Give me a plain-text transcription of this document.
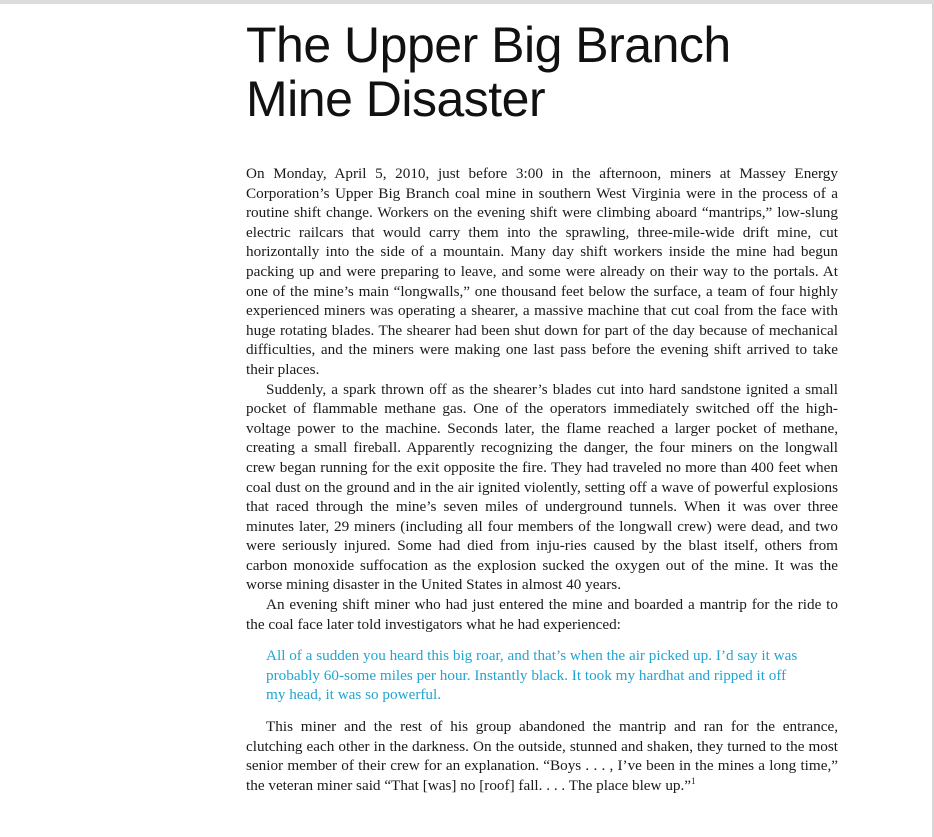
The Upper Big Branch
Mine Disaster

On Monday, April 5, 2010, just before 3:00 in the afternoon, miners at Massey Energy Corporation’s Upper Big Branch coal mine in southern West Virginia were in the process of a routine shift change. Workers on the evening shift were climbing aboard “mantrips,” low-slung electric railcars that would carry them into the sprawling, three-mile-wide drift mine, cut horizontally into the side of a mountain. Many day shift workers inside the mine had begun packing up and were preparing to leave, and some were already on their way to the portals. At one of the mine’s main “longwalls,” one thousand feet below the surface, a team of four highly experienced miners was operating a shearer, a massive machine that cut coal from the face with huge rotating blades. The shearer had been shut down for part of the day because of mechanical difficulties, and the miners were making one last pass before the evening shift arrived to take their places.

Suddenly, a spark thrown off as the shearer’s blades cut into hard sandstone ignited a small pocket of flammable methane gas. One of the operators immediately switched off the high-voltage power to the machine. Seconds later, the flame reached a larger pocket of methane, creating a small fireball. Apparently recognizing the danger, the four miners on the longwall crew began running for the exit opposite the fire. They had traveled no more than 400 feet when coal dust on the ground and in the air ignited violently, setting off a wave of powerful explosions that raced through the mine’s seven miles of underground tunnels. When it was over three minutes later, 29 miners (including all four members of the longwall crew) were dead, and two were seriously injured. Some had died from inju-ries caused by the blast itself, others from carbon monoxide suffocation as the explosion sucked the oxygen out of the mine. It was the worse mining disaster in the United States in almost 40 years.

An evening shift miner who had just entered the mine and boarded a mantrip for the ride to the coal face later told investigators what he had experienced:

All of a sudden you heard this big roar, and that’s when the air picked up. I’d say it was probably 60-some miles per hour. Instantly black. It took my hardhat and ripped it off my head, it was so powerful.

This miner and the rest of his group abandoned the mantrip and ran for the entrance, clutching each other in the darkness. On the outside, stunned and shaken, they turned to the most senior member of their crew for an explanation. “Boys . . . , I’ve been in the mines a long time,” the veteran miner said “That [was] no [roof] fall. . . . The place blew up.”$^1$
